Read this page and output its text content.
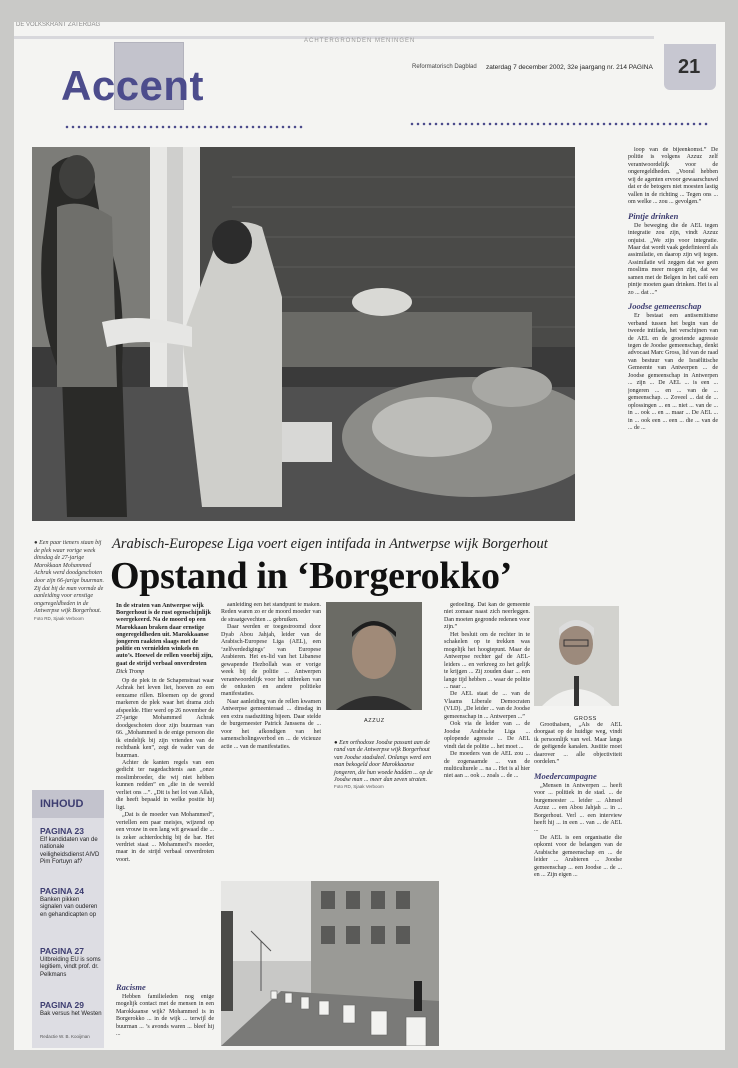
DE VOLKSKRANT ZATERDAG
ACHTERGRONDEN MENINGEN
Accent	Reformatorisch Dagblad zaterdag 7 december 2002, 32e jaargang nr. 214 PAGINA 21
● Een paar tieners staan bij de plek waar vorige week dinsdag de 27-jarige Marokkaan Mohammed Achrak werd doodgeschoten door zijn 66-jarige buurman. Zij dat bij de man vormde de aanleiding voor ernstige ongeregeldheden in de Antwerpse wijk Borgerhout. Foto RD, Sjaak Verboom
Arabisch-Europese Liga voert eigen intifada in Antwerpse wijk Borgerhout
Opstand in ‘Borgerokko’
In de straten van Antwerpse wijk Borgerhout is de rust ogenschijnlijk weergekeerd. Na de moord op een Marokkaan braken daar ernstige ongeregeldheden uit. Marokkaanse jongeren raakten slaags met de politie en vernielden winkels en auto’s. Hoewel de rellen voorbij zijn, gaat de strijd verbaal onverdroten
Dick Tromp

Op de plek in de Schapenstraat waar Achrak het leven liet, hoeven zo een eenzame rillen. Bloemen op de grond markeren de plek waar het drama zich afspeelde. Hier werd op 26 november de 27-jarige Mohammed Achrak doodgeschoten door zijn buurman van 66. „Mohammed is de enige persoon die ik eindelijk bij zijn vrienden van de rechtbank ken”, zegt de vader van de buurman.

Achter de kanten regels van een gedicht ter nagedachtenis aan „onze moslimbroeder, die wij niet hebben kunnen redden” en „die in de wereld verliet ons ...”. „Dit is het lot van Allah, die heeft bepaald in welke positie hij ligt.

„Dat is de moeder van Mohammed”, vertellen een paar meisjes, wijzend op een vrouw in een lang wit gewaad die ... is zeker achterdochtig bij de bar. Het verdriet staat ... Mohammed’s moeder, maar in de strijd verbaal onverdroten voort.

aanleiding een het standpunt te maken. Reden waren zo er de moord moeder van de straatgevechten ... gebruiken.

Daar werden er toegestroomd door Dyab Abou Jahjah, leider van de Arabisch-Europese Liga (AEL), een ‘zelfverdedigings’ van Europese Arabieren. Het ex-lid van het Libanese gewapende Hezbollah was er vorige week bij de politie ... Antwerpen verantwoordelijk voor het uitbreken van de onlusten en andere politieke manifestaties.

Naar aanleiding van de rellen kwamen Antwerpse gemeenteraad ... dinsdag in een extra raadszitting bijeen. Daar stelde de burgemeester Patrick Janssens de ... voor het afkondigen van het samenscholingsverbod en ... de vicieuze actie ... van de manifestaties.

Racisme

Hebben familieleden nog enige mogelijk contact met de mensen in een Marokkaanse wijk? Mohammed is in Borgerokko ... in de wijk ... terwijl de buurman ... ’s avonds waren ... bleef hij ...

AZZUZ	GROSS
● Een orthodoxe Joodse passant aan de rand van de Antwerpse wijk Borgerhout van Joodse stadsdeel. Onlangs werd een man bekogeld door Marokkaanse jongeren, die hun woede hadden ... op de Joodse man ... meer dan zeven straten. Foto RD, Sjaak Verboom

gedoeling. Dat kan de gemeente niet zomaar naast zich neerleggen. Dan moeten gegronde redenen voor zijn.”

Het besluit om de rechter in te schakelen op te trekken was mogelijk het hoogtepunt. Maar de Antwerpse rechter gaf de AEL-leiders ... en verkreeg zo het gelijk te krijgen ... Zij zouden daar ... een lange tijd hebben ... waar de politie ... naar ...

De AEL staat de ... van de Vlaams Liberale Democraten (VLD). „De leider ... van de Joodse gemeenschap in ... Antwerpen ...”

Ook via de leider van ... de Joodse Arabische Liga ... oplopende agressie ... De AEL vindt dat de politie ... het moet ...

De moeders van de AEL zou ... de zogenaamde ... van de multiculturele ... na ... Het is al hier niet aan ... ook ... zoals ... de ...

Groothalsen, „Als de AEL doorgaat op de huidige weg, vindt ik persoonlijk van wel. Maar langs de geëigende kanalen. Justitie moet daarover ... alle objectiviteit oordelen.”

Moedercampagne

„Mensen in Antwerpen ... heeft voor ... politiek in de stad. ... de burgemeester ... leider ... Ahmed Azzuz ... een Abou Jahjah ... in ... Borgerhout. Verl ... een interview heeft hij ... in een ... van ... de AEL ...

De AEL is een organisatie die opkomt voor de belangen van de Arabische gemeenschap en ... de leider ... Arabieren ... Joodse gemeenschap ... een Joodse ... de ... en ... Zijn eigen ...

loop van de bijeenkomst.” De politie is volgens Azzuz zelf verantwoordelijk voor de ongeregeldheden. „Vooral hebben wij de agenten ervoor gewaarschuwd dat er de betogers niet moesten lastig vallen in de richting ... Tegen ons ... om welke ... zou ... gevolgen.”

Pintje drinken

De beweging die de AEL tegen integratie zou zijn, vindt Azzuz onjuist. „We zijn voor integratie. Maar dat wordt vaak gedefinieerd als assimilatie, en daarop zijn wij tegen. Assimilatie wil zeggen dat we geen moslims meer mogen zijn, dat we samen met de Belgen in het café een pintje moeten gaan drinken. Het is al zo ... dat ...”

Joodse gemeenschap

Er bestaat een antisemitisme verband tussen het begin van de tweede intifada, het verschijnen van de AEL en de groeiende agressie tegen de Joodse gemeenschap, denkt advocaat Marc Gross, lid van de raad van bestuur van de Israëlitische Gemeente van Antwerpen ... de Joodse gemeenschap in Antwerpen ... zijn ... De AEL ... is een ... jongeren ... en ... van de ... gemeenschap. ... Zoveel ... dat de ... oplossingen ... en ... niet ... van de ... in ... ook ... en ... maar ... De AEL ... in ... ook een ... een ... die ... van de ... de ...

INHOUD
PAGINA 23
Elf kandidaten van de nationale veiligheidsdienst AIVD Pim Fortuyn af?
PAGINA 24
Banken pikken signalen van ouderen en gehandicapten op
PAGINA 27
Uitbreiding EU is soms legitiem, vindt prof. dr. Pelkmans
PAGINA 29
Bak versus het Westen
Redactie W. B. Kooijman
